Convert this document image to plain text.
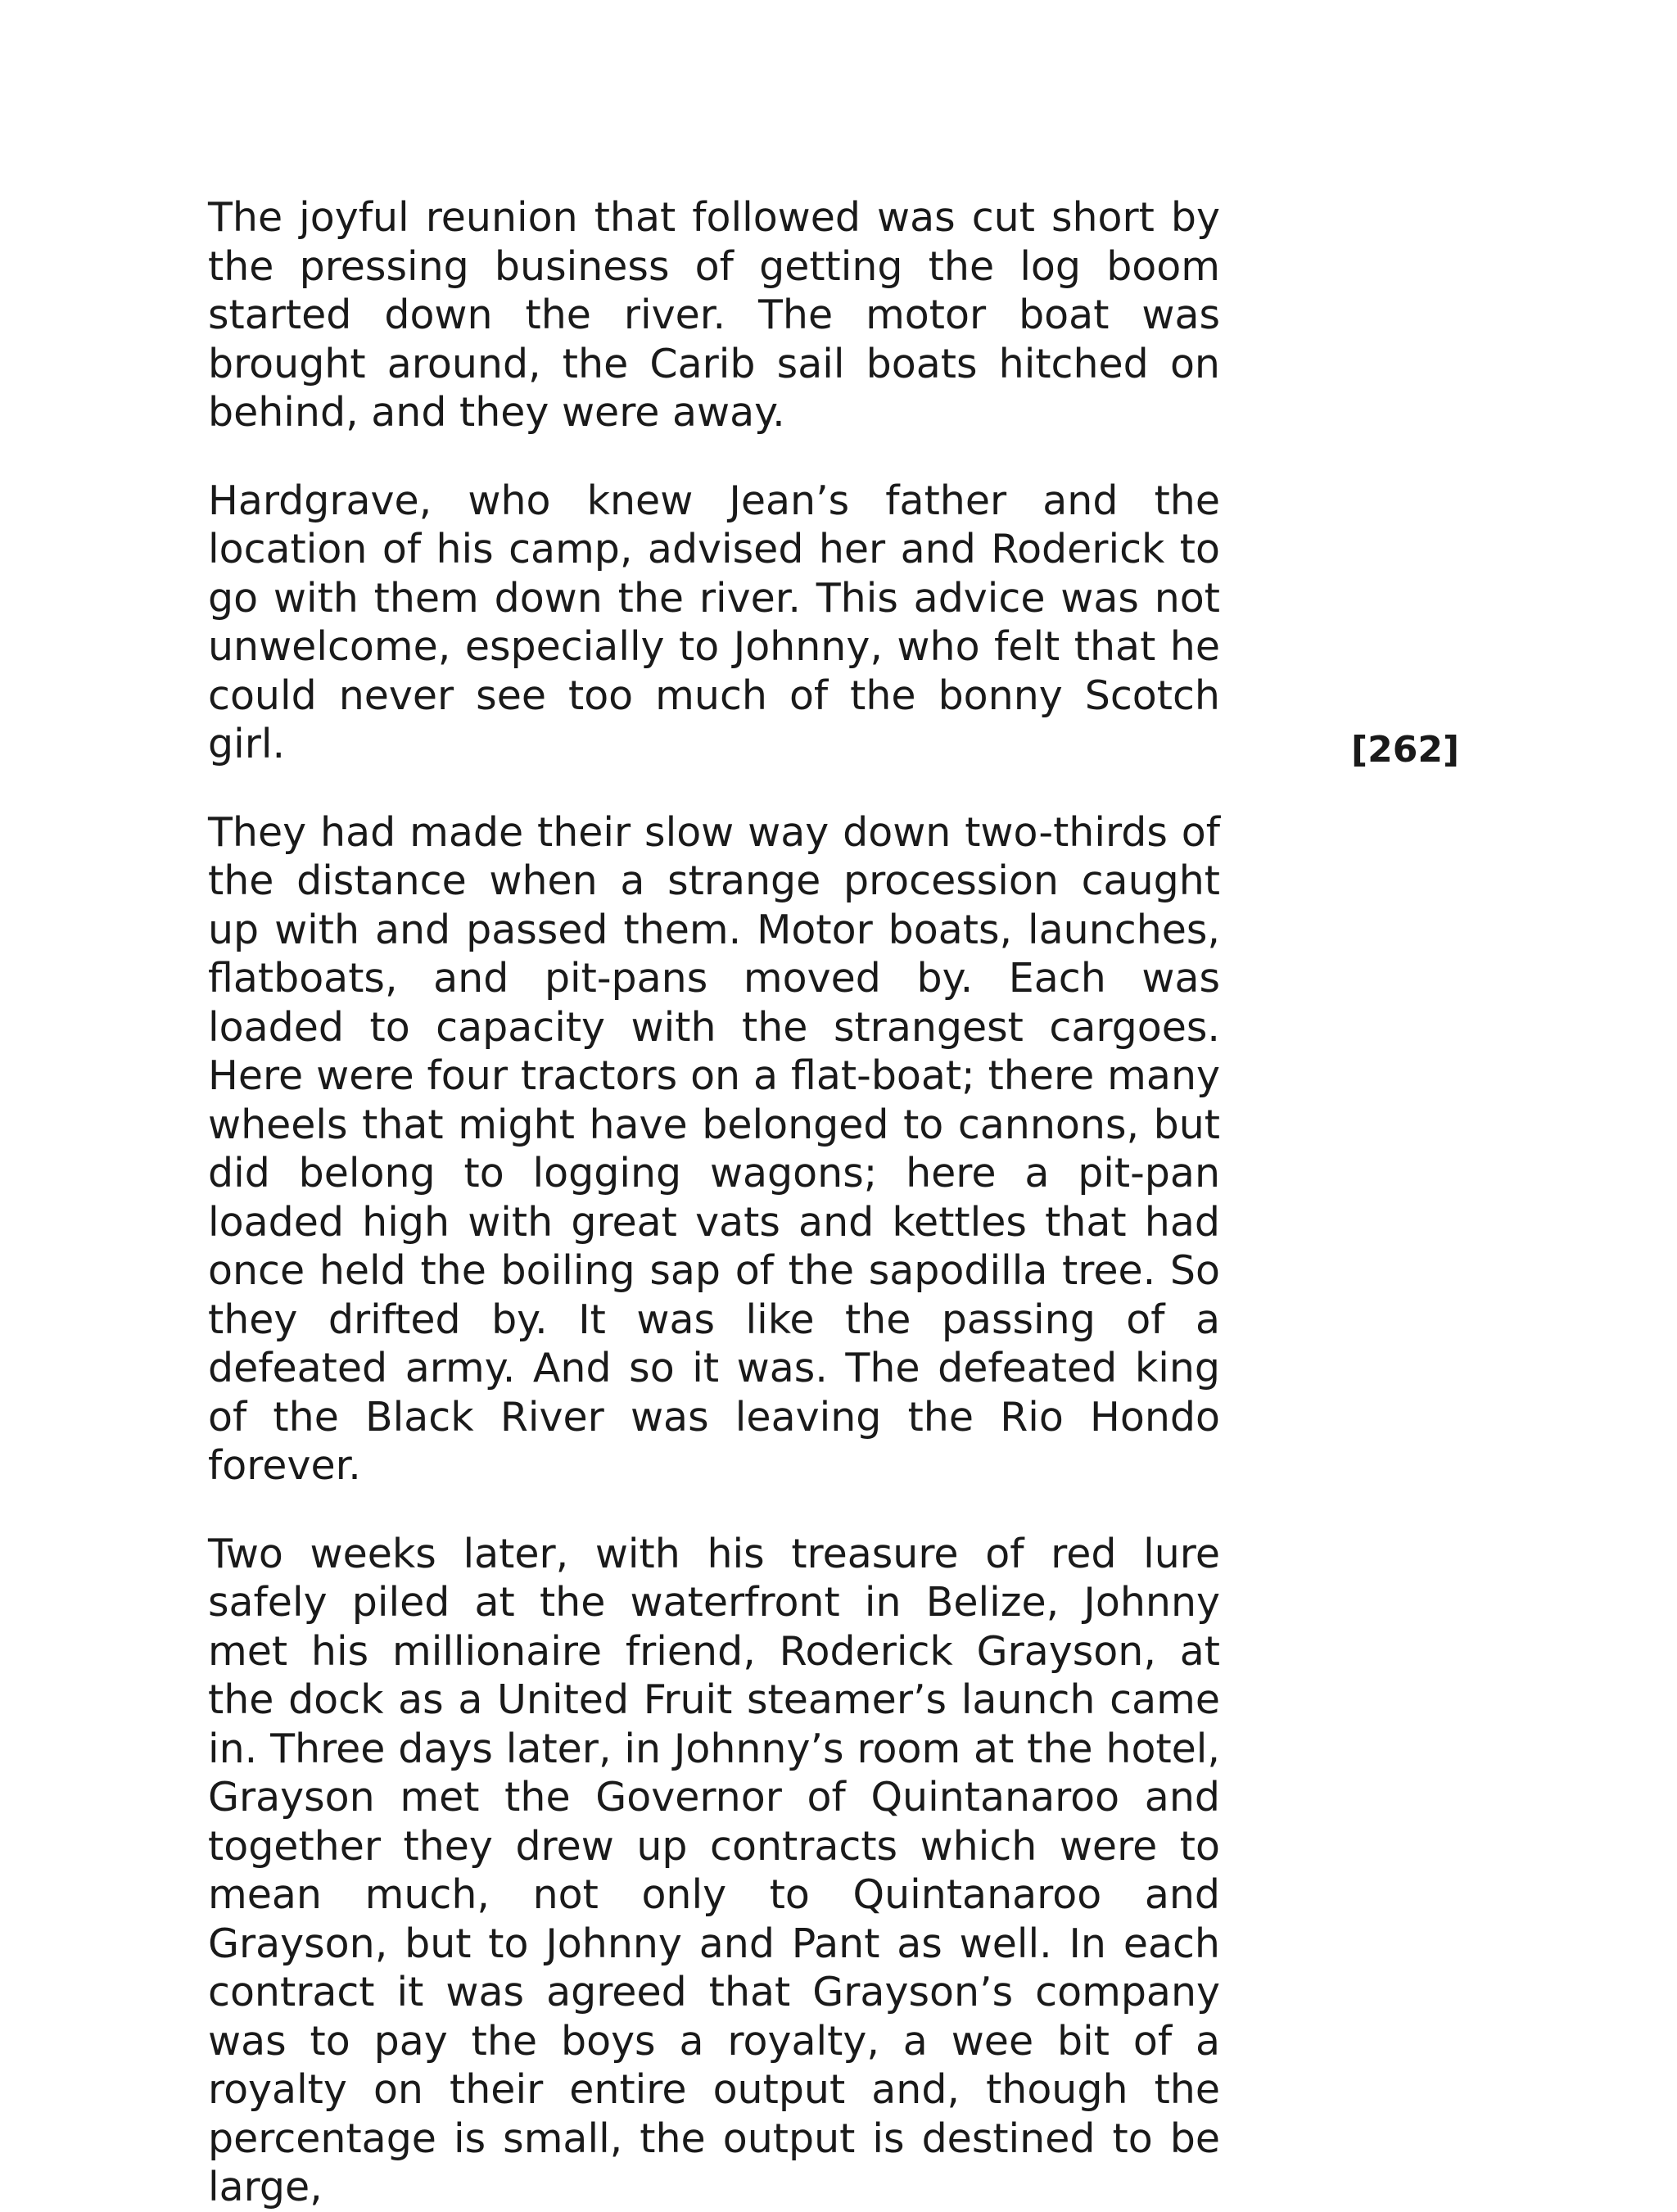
The joyful reunion that followed was cut short by the pressing business of getting the log boom started down the river. The motor boat was brought around, the Carib sail boats hitched on behind, and they were away.

Hardgrave, who knew Jean’s father and the location of his camp, advised her and Roderick to go with them down the river. This advice was not unwelcome, especially to Johnny, who felt that he could never see too much of the bonny Scotch girl.

They had made their slow way down two-thirds of the distance when a strange procession caught up with and passed them. Motor boats, launches, flatboats, and pit-pans moved by. Each was loaded to capacity with the strangest cargoes. Here were four tractors on a flat-boat; there many wheels that might have belonged to cannons, but did belong to logging wagons; here a pit-pan loaded high with great vats and kettles that had once held the boiling sap of the sapodilla tree. So they drifted by. It was like the passing of a defeated army. And so it was. The defeated king of the Black River was leaving the Rio Hondo forever.

Two weeks later, with his treasure of red lure safely piled at the waterfront in Belize, Johnny met his millionaire friend, Roderick Grayson, at the dock as a United Fruit steamer’s launch came in. Three days later, in Johnny’s room at the hotel, Grayson met the Governor of Quintanaroo and together they drew up contracts which were to mean much, not only to Quintanaroo and Grayson, but to Johnny and Pant as well. In each contract it was agreed that Grayson’s company was to pay the boys a royalty, a wee bit of a royalty on their entire output and, though the percentage is small, the output is destined to be large,

[262]
